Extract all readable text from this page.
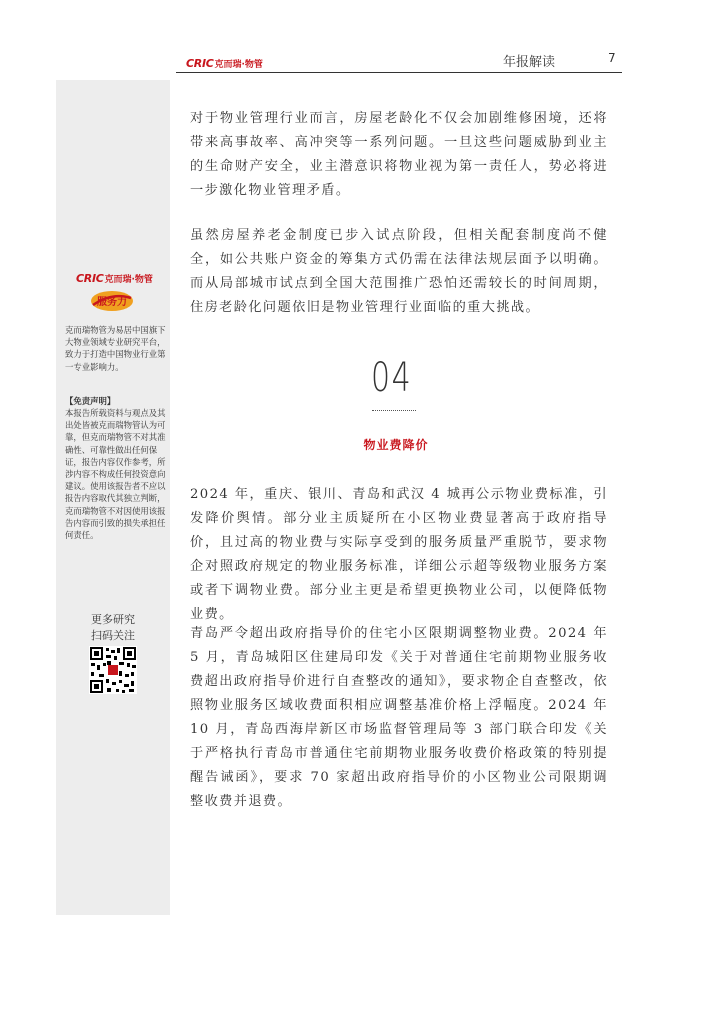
CRIC 克而瑞·物管	年报解读	7
CRIC 克而瑞·物管
服务力
克而瑞物管为易居中国旗下大物业领域专业研究平台，致力于打造中国物业行业第一专业影响力。
【免责声明】
本报告所载资料与观点及其出处皆被克而瑞物管认为可靠，但克而瑞物管不对其准确性、可靠性做出任何保证，报告内容仅作参考，所涉内容不构成任何投资意向建议。使用该报告者不应以报告内容取代其独立判断，克而瑞物管不对因使用该报告内容而引致的损失承担任何责任。
更多研究
扫码关注
对于物业管理行业而言，房屋老龄化不仅会加剧维修困境，还将带来高事故率、高冲突等一系列问题。一旦这些问题威胁到业主的生命财产安全，业主潜意识将物业视为第一责任人，势必将进一步激化物业管理矛盾。
虽然房屋养老金制度已步入试点阶段，但相关配套制度尚不健全，如公共账户资金的筹集方式仍需在法律法规层面予以明确。而从局部城市试点到全国大范围推广恐怕还需较长的时间周期，住房老龄化问题依旧是物业管理行业面临的重大挑战。
04
物业费降价
2024 年，重庆、银川、青岛和武汉 4 城再公示物业费标准，引发降价舆情。部分业主质疑所在小区物业费显著高于政府指导价，且过高的物业费与实际享受到的服务质量严重脱节，要求物企对照政府规定的物业服务标准，详细公示超等级物业服务方案或者下调物业费。部分业主更是希望更换物业公司，以便降低物业费。
青岛严令超出政府指导价的住宅小区限期调整物业费。2024 年 5 月，青岛城阳区住建局印发《关于对普通住宅前期物业服务收费超出政府指导价进行自查整改的通知》，要求物企自查整改，依照物业服务区域收费面积相应调整基准价格上浮幅度。2024 年 10 月，青岛西海岸新区市场监督管理局等 3 部门联合印发《关于严格执行青岛市普通住宅前期物业服务收费价格政策的特别提醒告诫函》，要求 70 家超出政府指导价的小区物业公司限期调整收费并退费。
